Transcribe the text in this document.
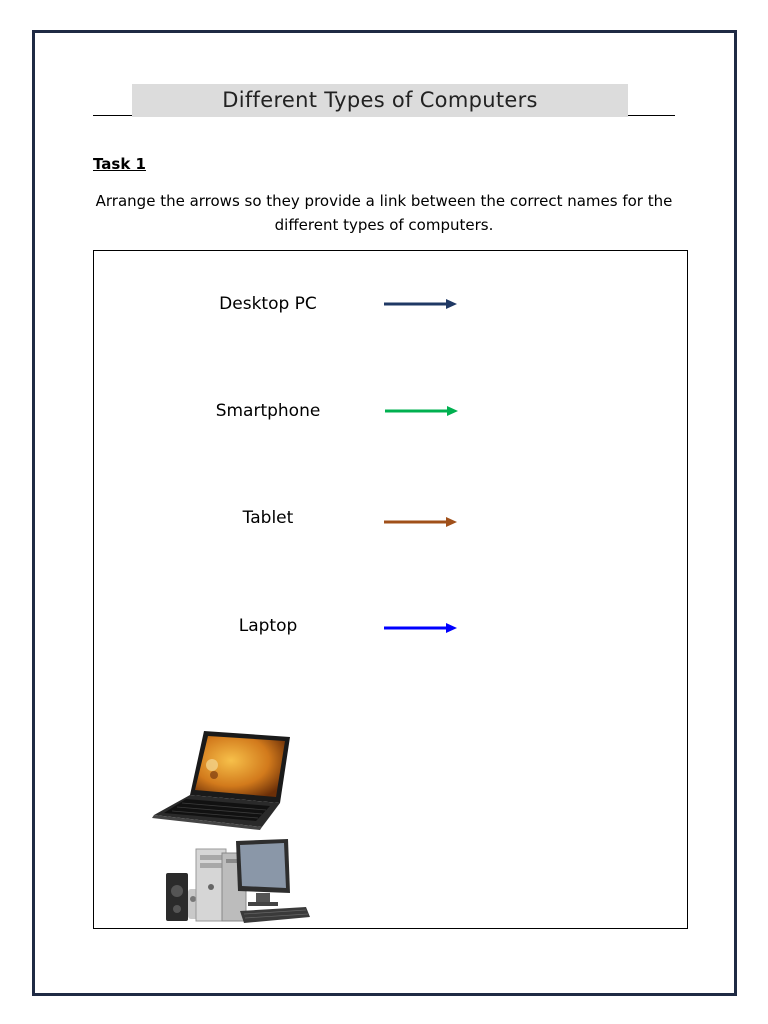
Different Types of Computers
Task 1
Arrange the arrows so they provide a link between the correct names for the different types of computers.
Desktop PC
Smartphone
Tablet
Laptop
